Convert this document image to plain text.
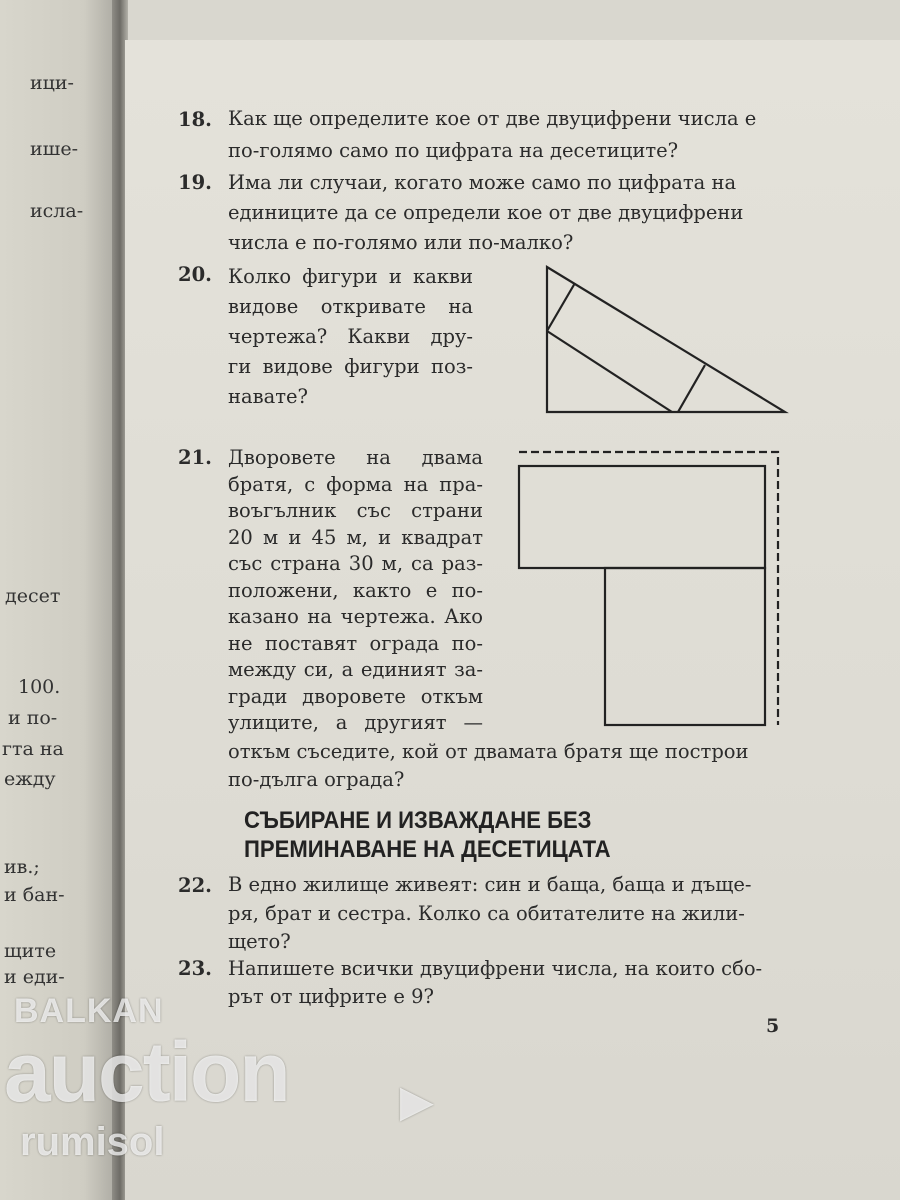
ици-
ише-
исла-
десет
100.
и по-
гта на
ежду
ив.;
и бан-
щите
и еди-
18. Как ще определите кое от две двуцифрени числа е
по-голямо само по цифрата на десетиците?
19. Има ли случаи, когато може само по цифрата на
единиците да се определи кое от две двуцифрени
числа е по-голямо или по-малко?
20. Колко фигури и какви
видове откривате на
чертежа? Какви дру-
ги видове фигури поз-
навате?
21. Дворовете на двама
братя, с форма на пра-
воъгълник със страни
20 м и 45 м, и квадрат
със страна 30 м, са раз-
положени, както е по-
казано на чертежа. Ако
не поставят ограда по-
между си, а единият за-
гради дворовете откъм
улиците, а другият —
откъм съседите, кой от двамата братя ще построи
по-дълга ограда?
СЪБИРАНЕ И ИЗВАЖДАНЕ БЕЗ
ПРЕМИНАВАНЕ НА ДЕСЕТИЦАТА
22. В едно жилище живеят: син и баща, баща и дъще-
ря, брат и сестра. Колко са обитателите на жили-
щето?
23. Напишете всички двуцифрени числа, на които сбо-
рът от цифрите е 9?
5
BALKAN
auction	▶
rumisol
